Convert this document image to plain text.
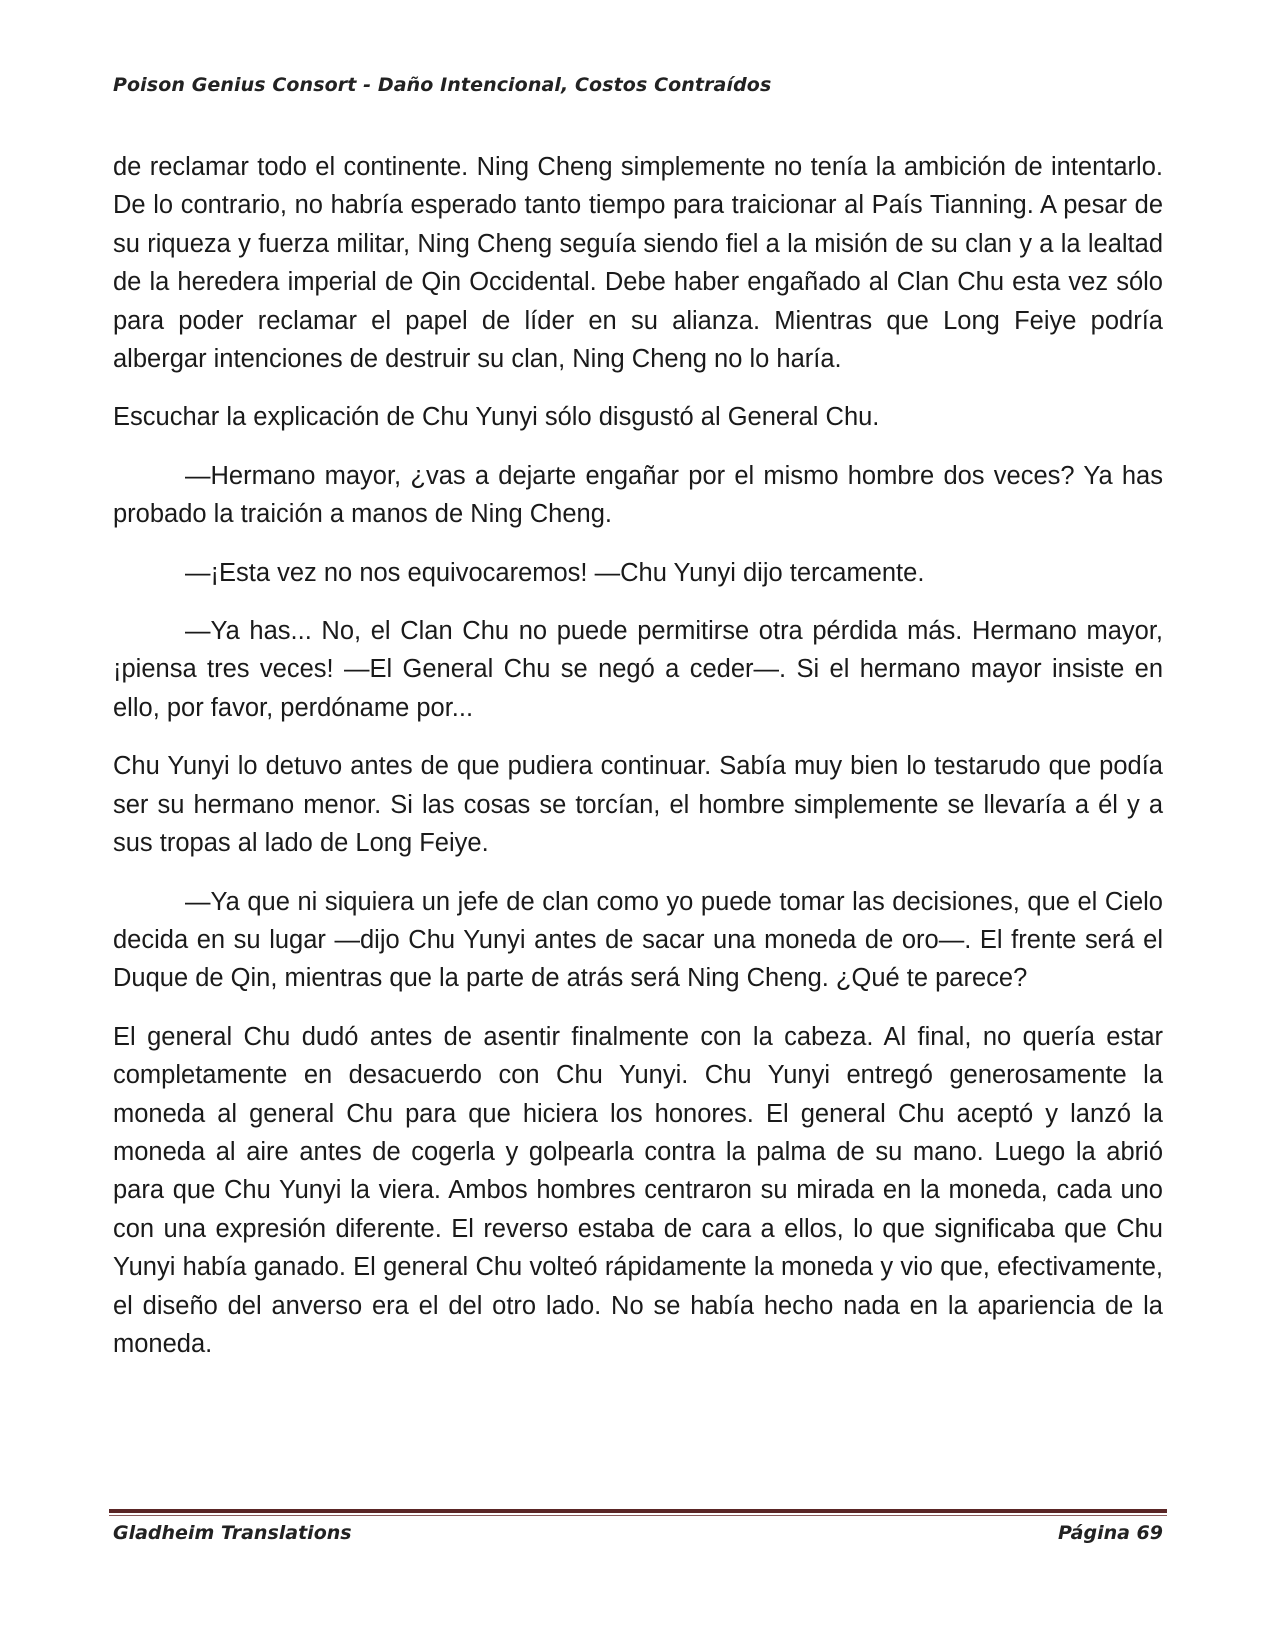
Poison Genius Consort - Daño Intencional, Costos Contraídos

de reclamar todo el continente. Ning Cheng simplemente no tenía la ambición de intentarlo. De lo contrario, no habría esperado tanto tiempo para traicionar al País Tianning. A pesar de su riqueza y fuerza militar, Ning Cheng seguía siendo fiel a la misión de su clan y a la lealtad de la heredera imperial de Qin Occidental. Debe haber engañado al Clan Chu esta vez sólo para poder reclamar el papel de líder en su alianza. Mientras que Long Feiye podría albergar intenciones de destruir su clan, Ning Cheng no lo haría.

Escuchar la explicación de Chu Yunyi sólo disgustó al General Chu.

—Hermano mayor, ¿vas a dejarte engañar por el mismo hombre dos veces? Ya has probado la traición a manos de Ning Cheng.

—¡Esta vez no nos equivocaremos! —Chu Yunyi dijo tercamente.

—Ya has... No, el Clan Chu no puede permitirse otra pérdida más. Hermano mayor, ¡piensa tres veces! —El General Chu se negó a ceder—. Si el hermano mayor insiste en ello, por favor, perdóname por...

Chu Yunyi lo detuvo antes de que pudiera continuar. Sabía muy bien lo testarudo que podía ser su hermano menor. Si las cosas se torcían, el hombre simplemente se llevaría a él y a sus tropas al lado de Long Feiye.

—Ya que ni siquiera un jefe de clan como yo puede tomar las decisiones, que el Cielo decida en su lugar —dijo Chu Yunyi antes de sacar una moneda de oro—. El frente será el Duque de Qin, mientras que la parte de atrás será Ning Cheng. ¿Qué te parece?

El general Chu dudó antes de asentir finalmente con la cabeza. Al final, no quería estar completamente en desacuerdo con Chu Yunyi. Chu Yunyi entregó generosamente la moneda al general Chu para que hiciera los honores. El general Chu aceptó y lanzó la moneda al aire antes de cogerla y golpearla contra la palma de su mano. Luego la abrió para que Chu Yunyi la viera. Ambos hombres centraron su mirada en la moneda, cada uno con una expresión diferente. El reverso estaba de cara a ellos, lo que significaba que Chu Yunyi había ganado. El general Chu volteó rápidamente la moneda y vio que, efectivamente, el diseño del anverso era el del otro lado. No se había hecho nada en la apariencia de la moneda.

Gladheim Translations	Página 69
